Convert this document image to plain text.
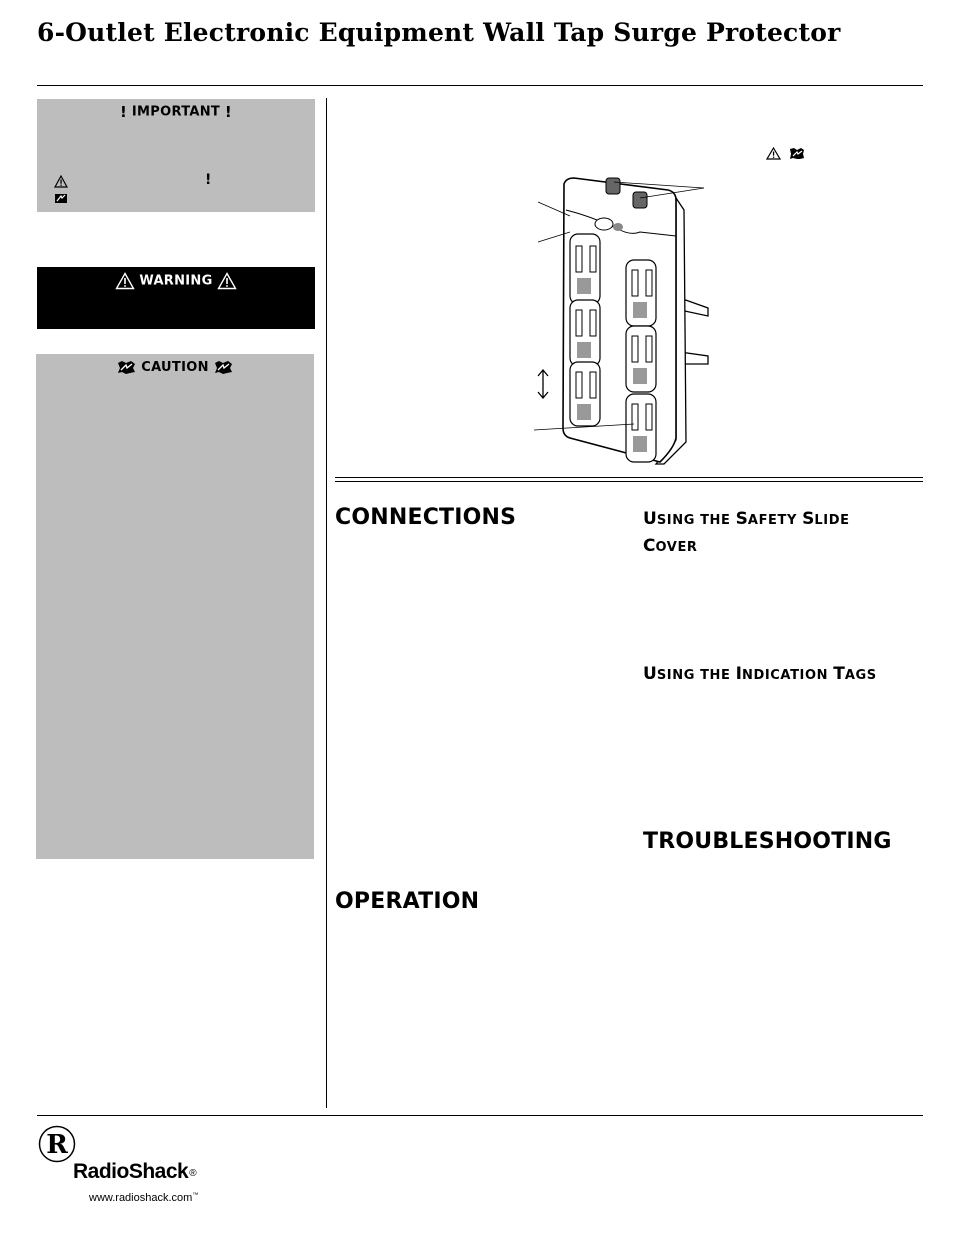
6-Outlet Electronic Equipment Wall Tap Surge Protector
! IMPORTANT !
!
WARNING
CAUTION
CONNECTIONS
OPERATION
TROUBLESHOOTING
USING THE SAFETY SLIDE
COVER
USING THE INDICATION TAGS
R
RadioShack®
www.radioshack.com™
